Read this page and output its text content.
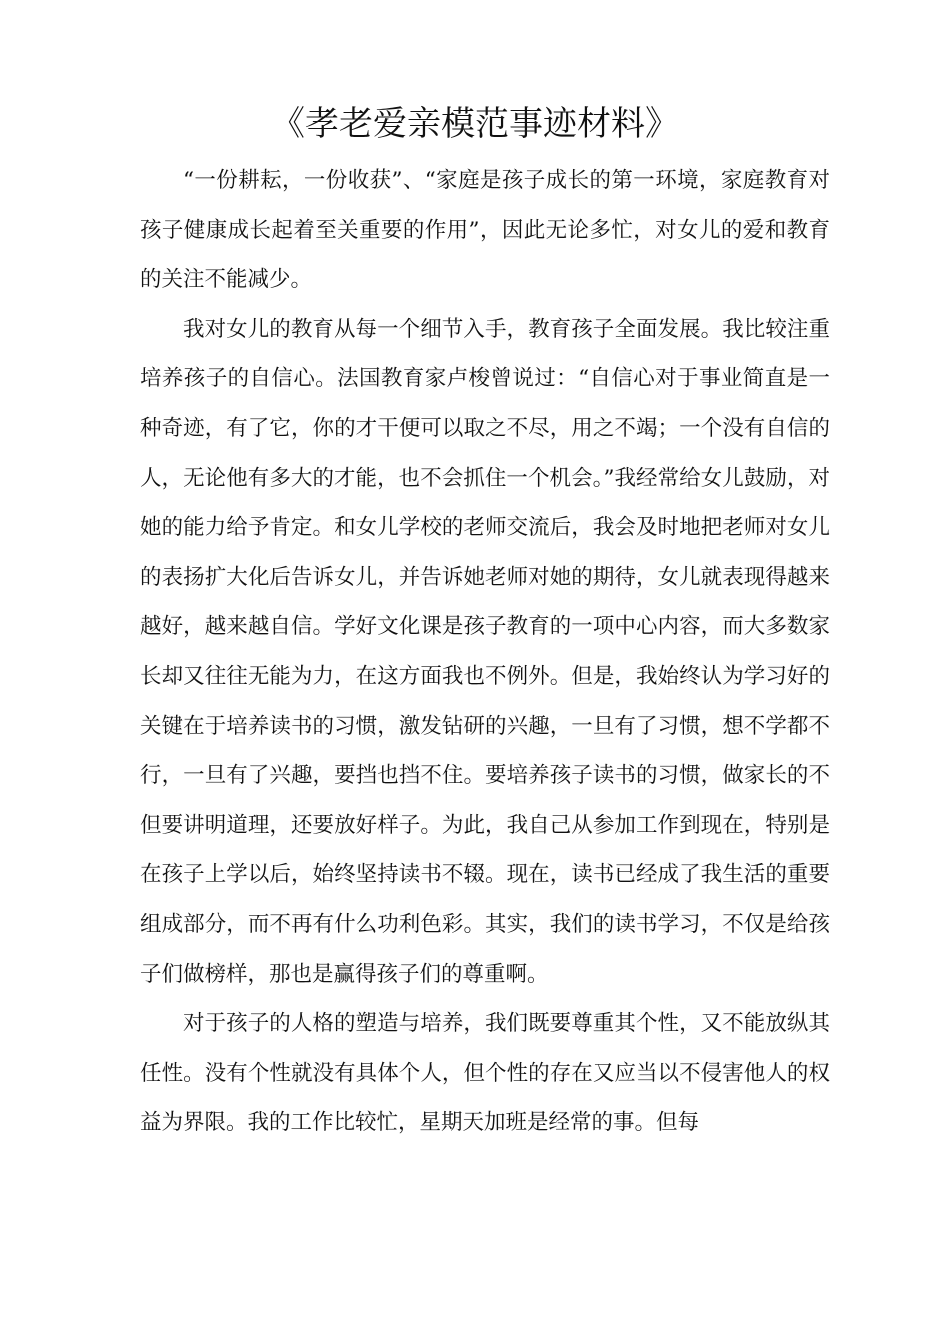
《孝老爱亲模范事迹材料》

“一份耕耘，一份收获”、“家庭是孩子成长的第一环境，家庭教育对孩子健康成长起着至关重要的作用”，因此无论多忙，对女儿的爱和教育的关注不能减少。

我对女儿的教育从每一个细节入手，教育孩子全面发展。我比较注重培养孩子的自信心。法国教育家卢梭曾说过：“自信心对于事业简直是一种奇迹，有了它，你的才干便可以取之不尽，用之不竭；一个没有自信的人，无论他有多大的才能，也不会抓住一个机会。”我经常给女儿鼓励，对她的能力给予肯定。和女儿学校的老师交流后，我会及时地把老师对女儿的表扬扩大化后告诉女儿，并告诉她老师对她的期待，女儿就表现得越来越好，越来越自信。学好文化课是孩子教育的一项中心内容，而大多数家长却又往往无能为力，在这方面我也不例外。但是，我始终认为学习好的关键在于培养读书的习惯，激发钻研的兴趣，一旦有了习惯，想不学都不行，一旦有了兴趣，要挡也挡不住。要培养孩子读书的习惯，做家长的不但要讲明道理，还要放好样子。为此，我自己从参加工作到现在，特别是在孩子上学以后，始终坚持读书不辍。现在，读书已经成了我生活的重要组成部分，而不再有什么功利色彩。其实，我们的读书学习，不仅是给孩子们做榜样，那也是赢得孩子们的尊重啊。

对于孩子的人格的塑造与培养，我们既要尊重其个性，又不能放纵其任性。没有个性就没有具体个人，但个性的存在又应当以不侵害他人的权益为界限。我的工作比较忙，星期天加班是经常的事。但每
